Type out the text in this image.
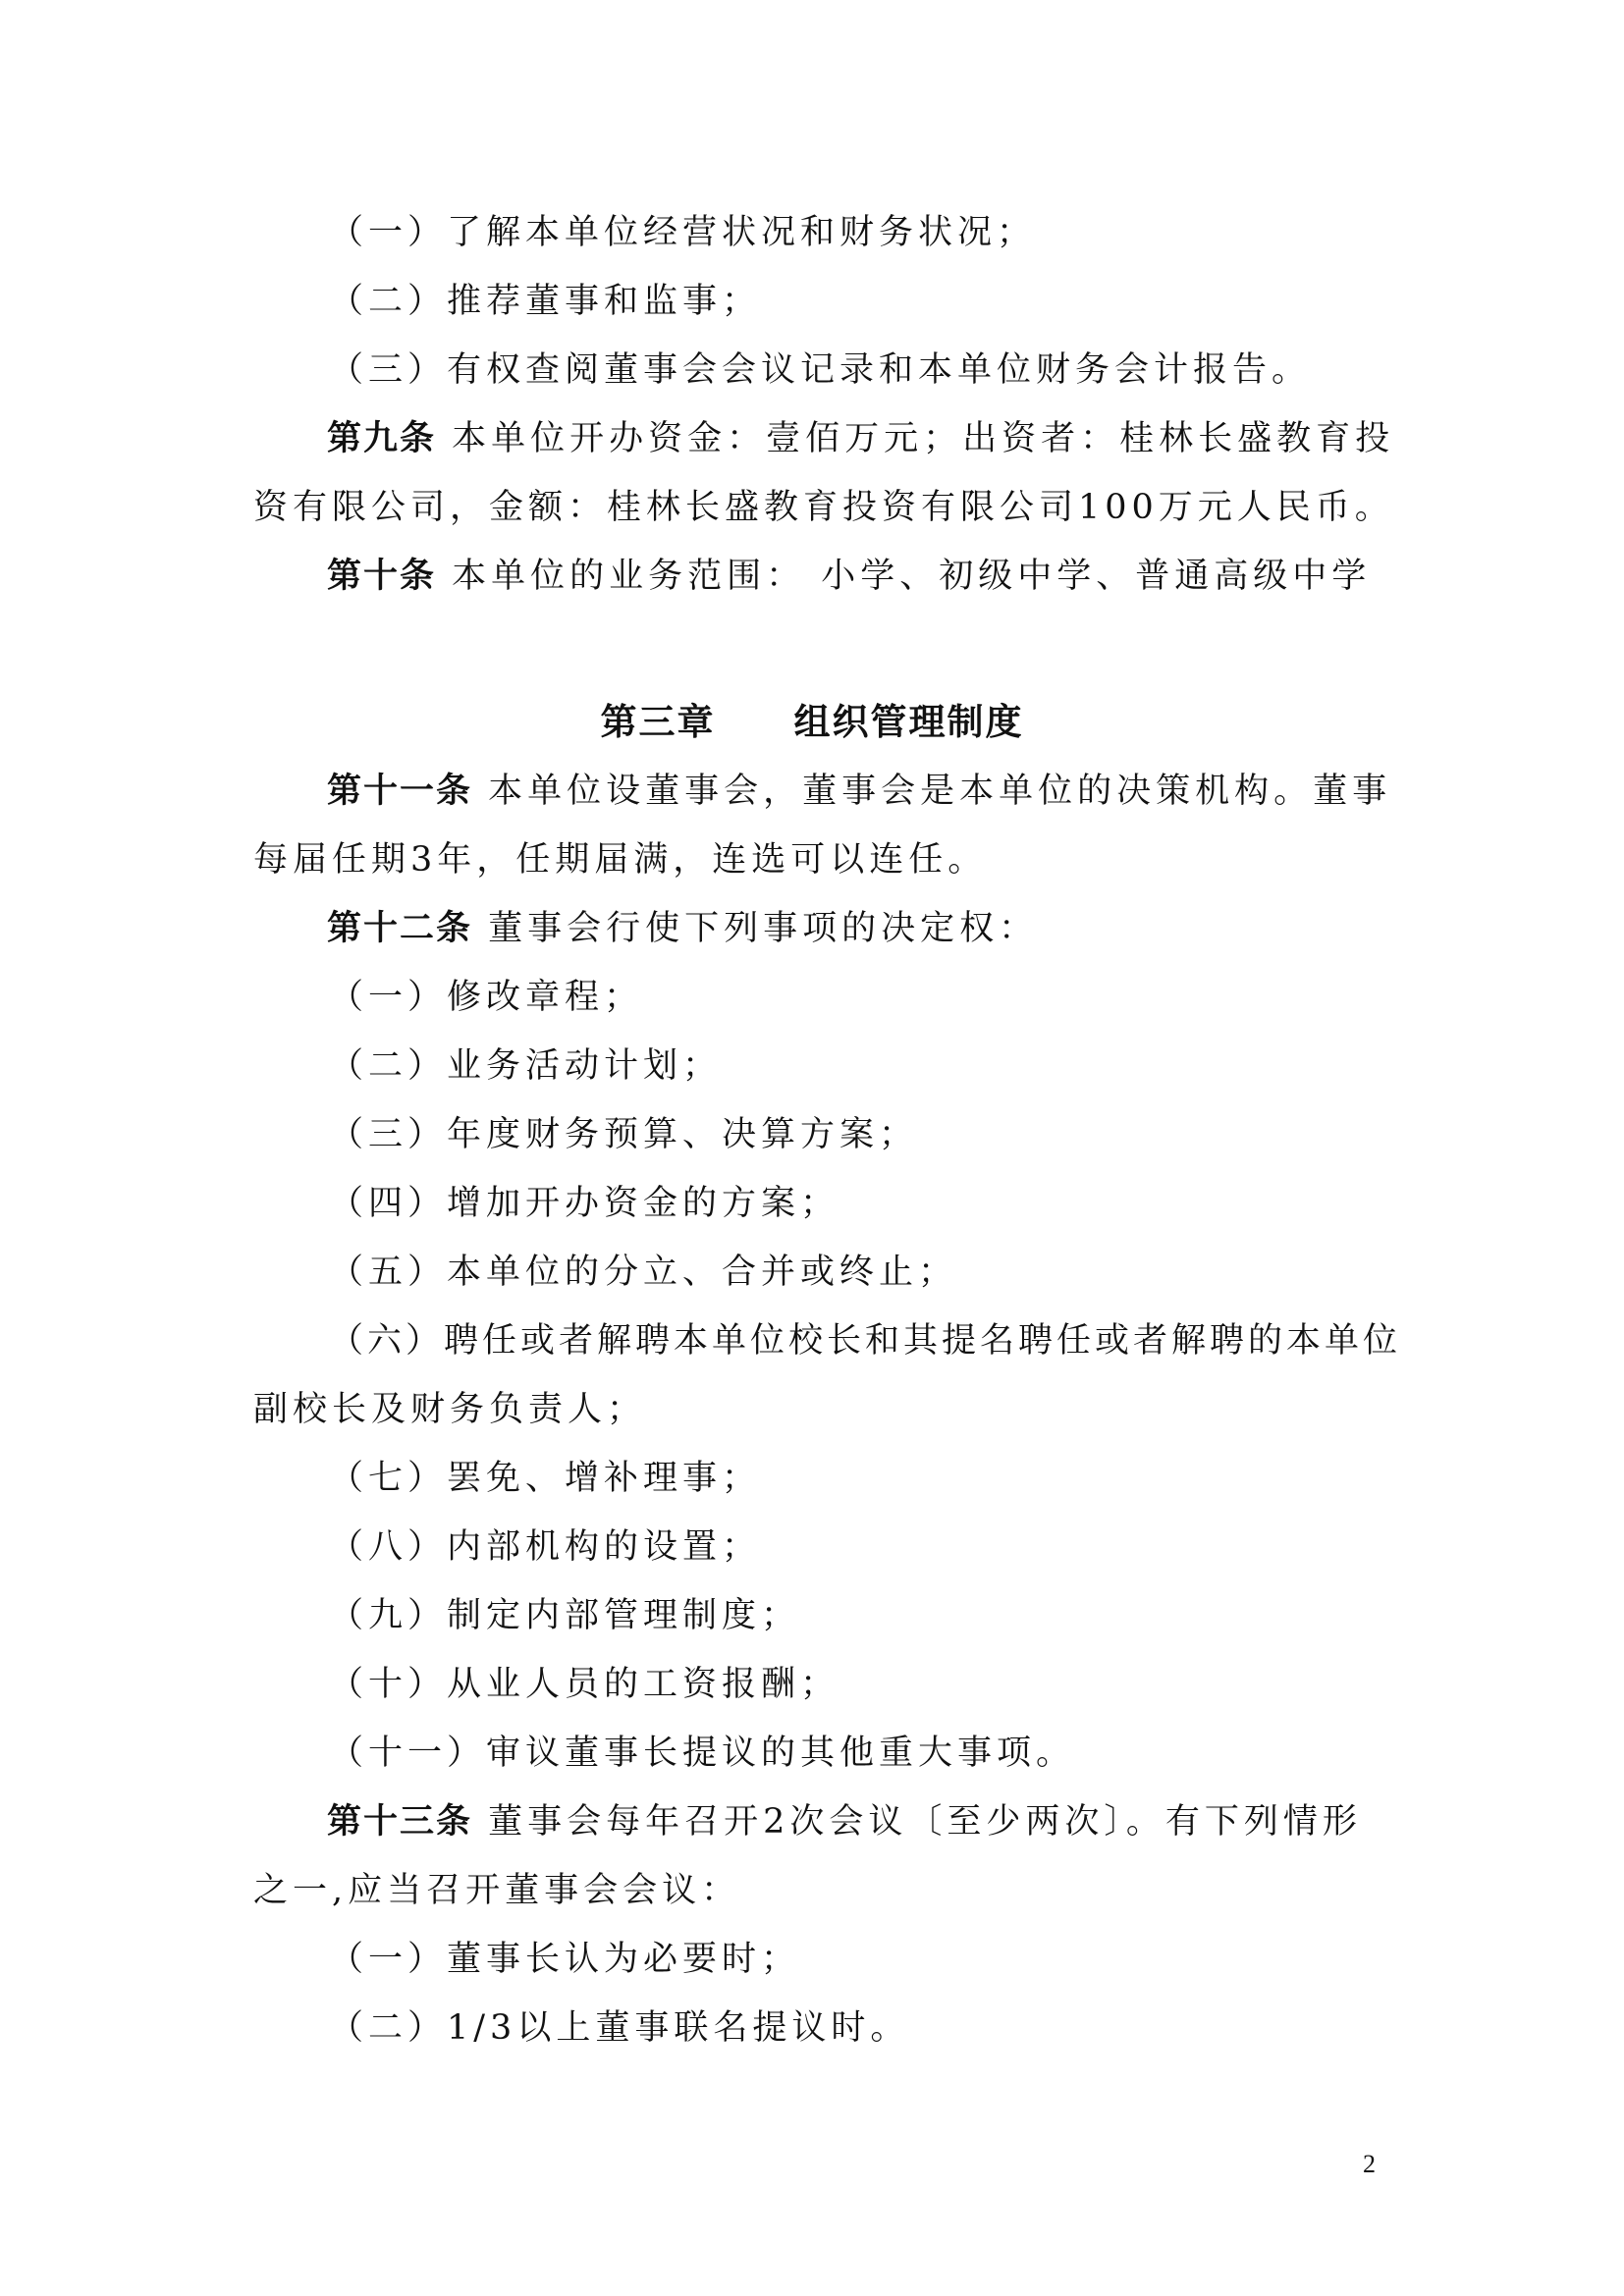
（一）了解本单位经营状况和财务状况；
（二）推荐董事和监事；
（三）有权查阅董事会会议记录和本单位财务会计报告。
第九条 本单位开办资金：壹佰万元；出资者：桂林长盛教育投
资有限公司，金额：桂林长盛教育投资有限公司100万元人民币。
第十条 本单位的业务范围： 小学、初级中学、普通高级中学
第三章 组织管理制度
第十一条 本单位设董事会，董事会是本单位的决策机构。董事
每届任期3年，任期届满，连选可以连任。
第十二条 董事会行使下列事项的决定权：
（一）修改章程；
（二）业务活动计划；
（三）年度财务预算、决算方案；
（四）增加开办资金的方案；
（五）本单位的分立、合并或终止；
（六）聘任或者解聘本单位校长和其提名聘任或者解聘的本单位
副校长及财务负责人；
（七）罢免、增补理事；
（八）内部机构的设置；
（九）制定内部管理制度；
（十）从业人员的工资报酬；
（十一）审议董事长提议的其他重大事项。
第十三条 董事会每年召开2次会议〔至少两次〕。有下列情形
之一,应当召开董事会会议：
（一）董事长认为必要时；
（二）1/3以上董事联名提议时。
2
